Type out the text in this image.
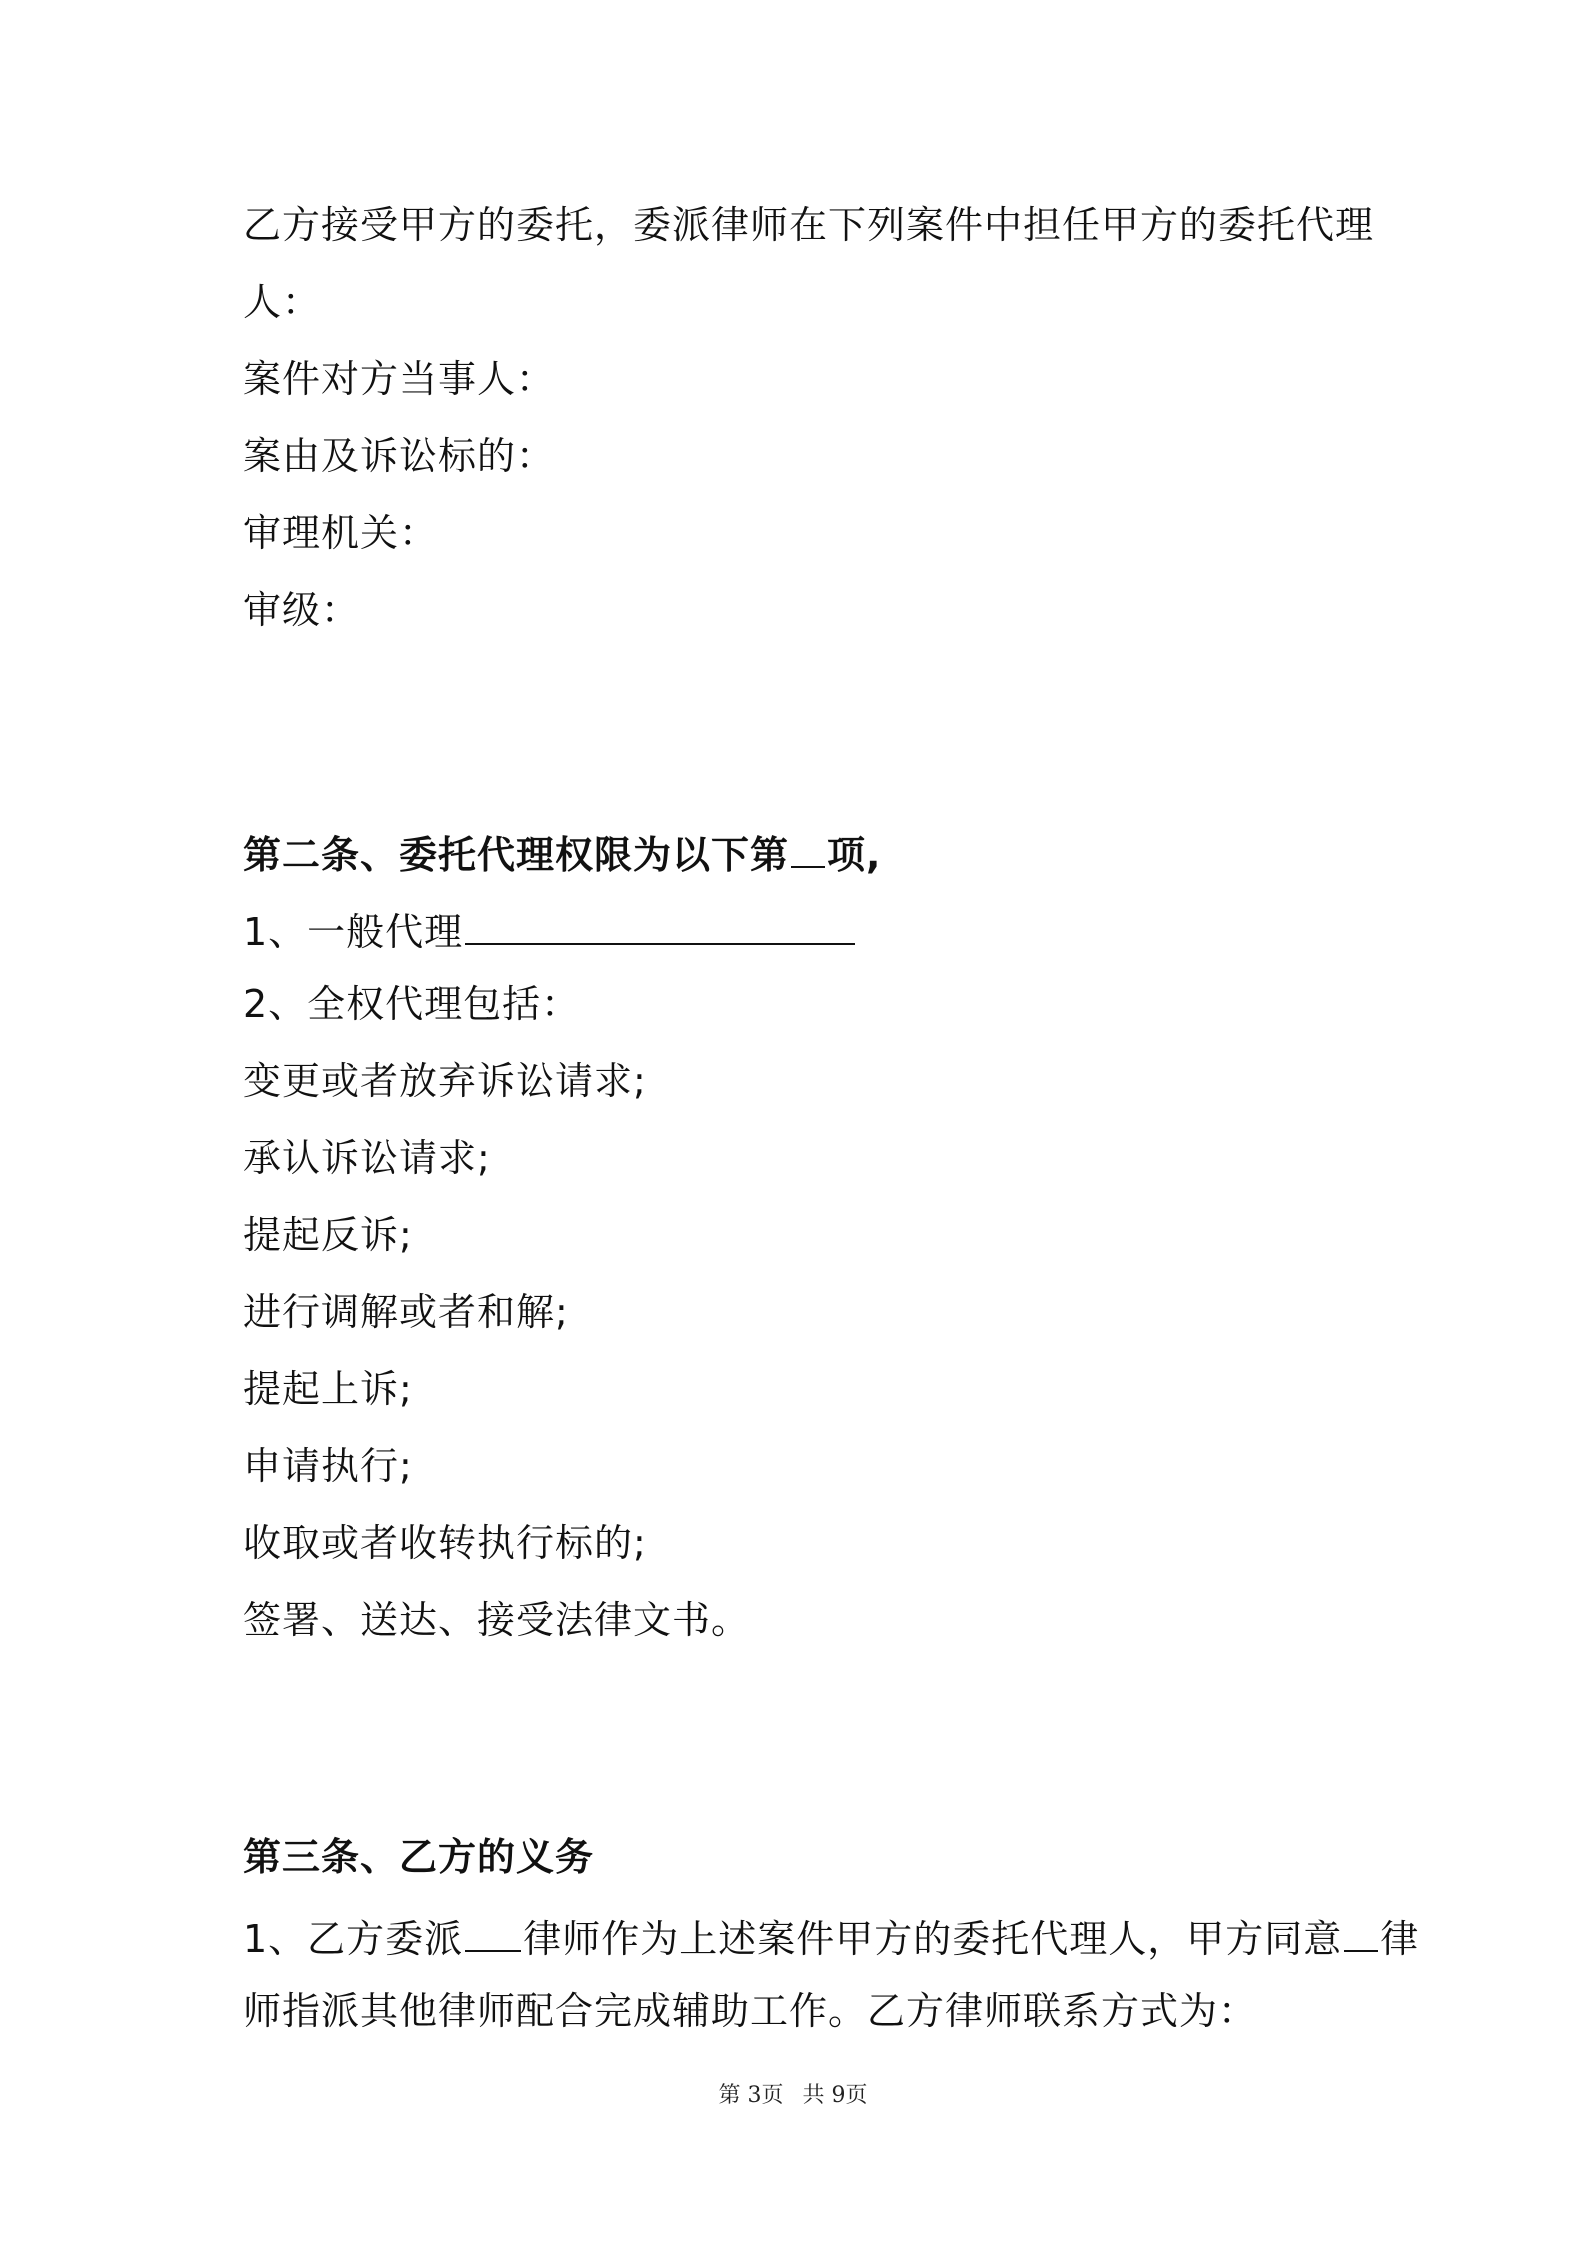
乙方接受甲方的委托，委派律师在下列案件中担任甲方的委托代理
人：
案件对方当事人：
案由及诉讼标的：
审理机关：
审级：
第二条、委托代理权限为以下第 项,
1、一般代理
2、全权代理包括：
变更或者放弃诉讼请求;
承认诉讼请求;
提起反诉;
进行调解或者和解;
提起上诉;
申请执行;
收取或者收转执行标的;
签署、送达、接受法律文书。
第三条、乙方的义务
1、乙方委派 律师作为上述案件甲方的委托代理人，甲方同意 律
师指派其他律师配合完成辅助工作。乙方律师联系方式为：
第 3页 共 9页
